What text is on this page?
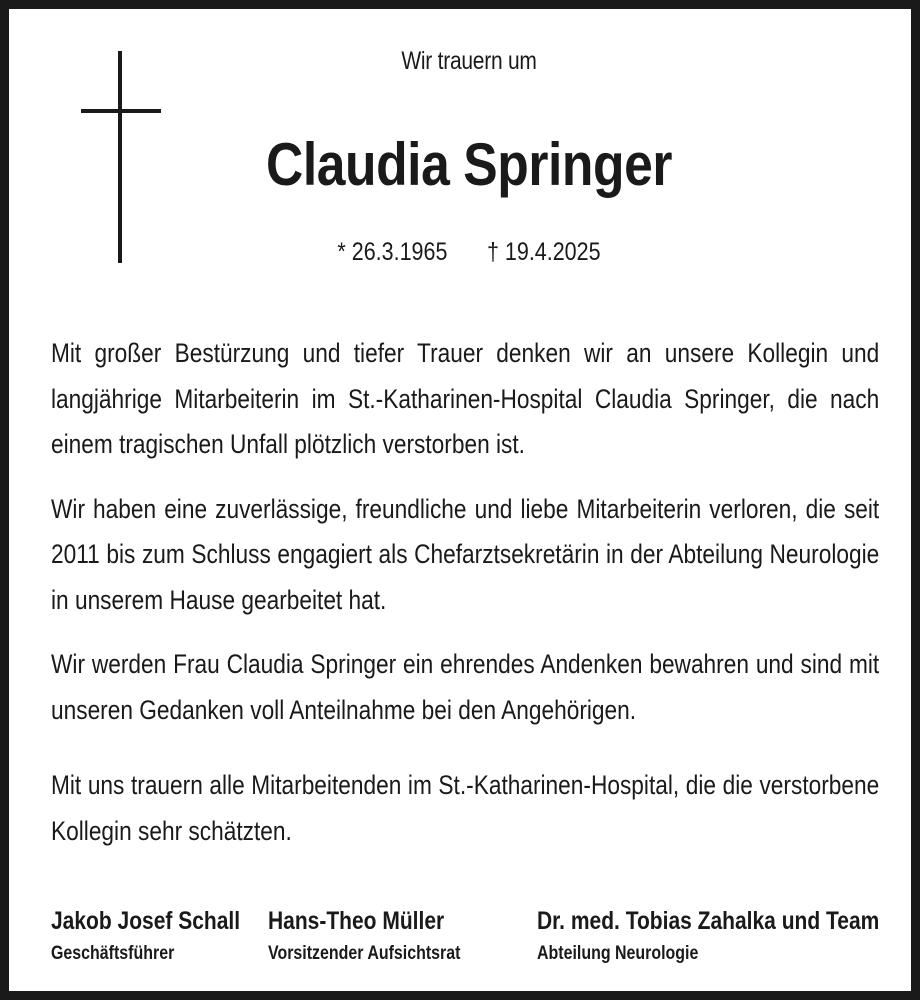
Wir trauern um
Claudia Springer
* 26.3.1965 † 19.4.2025

Mit großer Bestürzung und tiefer Trauer denken wir an unsere Kollegin und langjährige Mitarbeiterin im St.-Katharinen-Hospital Claudia Springer, die nach einem tragischen Unfall plötzlich verstorben ist.

Wir haben eine zuverlässige, freundliche und liebe Mitarbeiterin verloren, die seit 2011 bis zum Schluss engagiert als Chefarztsekretärin in der Abteilung Neurologie in unserem Hause gearbeitet hat.

Wir werden Frau Claudia Springer ein ehrendes Andenken bewahren und sind mit unseren Gedanken voll Anteilnahme bei den Angehörigen.

Mit uns trauern alle Mitarbeitenden im St.-Katharinen-Hospital, die die verstorbene Kollegin sehr schätzten.

Jakob Josef Schall
Geschäftsführer
Hans-Theo Müller
Vorsitzender Aufsichtsrat
Dr. med. Tobias Zahalka und Team
Abteilung Neurologie
